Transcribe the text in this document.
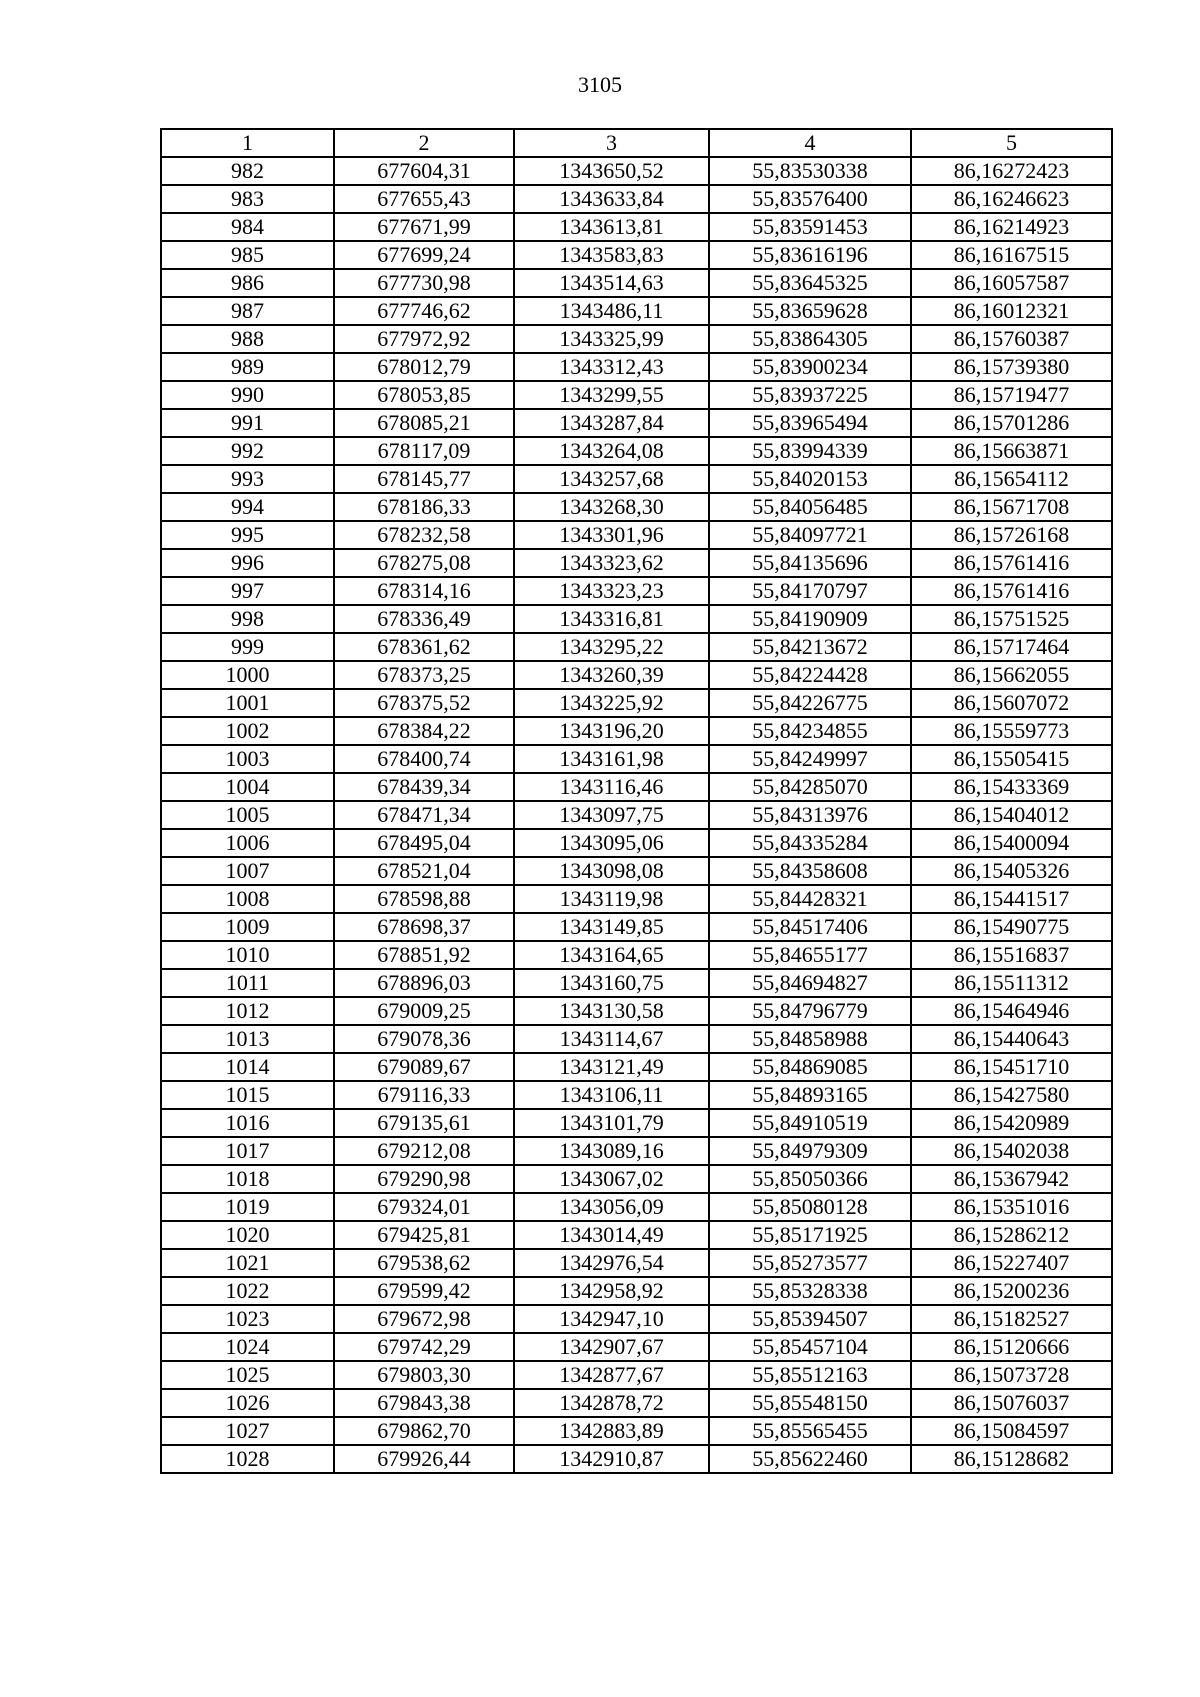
3105
1	2	3	4	5
982	677604,31	1343650,52	55,83530338	86,16272423
983	677655,43	1343633,84	55,83576400	86,16246623
984	677671,99	1343613,81	55,83591453	86,16214923
985	677699,24	1343583,83	55,83616196	86,16167515
986	677730,98	1343514,63	55,83645325	86,16057587
987	677746,62	1343486,11	55,83659628	86,16012321
988	677972,92	1343325,99	55,83864305	86,15760387
989	678012,79	1343312,43	55,83900234	86,15739380
990	678053,85	1343299,55	55,83937225	86,15719477
991	678085,21	1343287,84	55,83965494	86,15701286
992	678117,09	1343264,08	55,83994339	86,15663871
993	678145,77	1343257,68	55,84020153	86,15654112
994	678186,33	1343268,30	55,84056485	86,15671708
995	678232,58	1343301,96	55,84097721	86,15726168
996	678275,08	1343323,62	55,84135696	86,15761416
997	678314,16	1343323,23	55,84170797	86,15761416
998	678336,49	1343316,81	55,84190909	86,15751525
999	678361,62	1343295,22	55,84213672	86,15717464
1000	678373,25	1343260,39	55,84224428	86,15662055
1001	678375,52	1343225,92	55,84226775	86,15607072
1002	678384,22	1343196,20	55,84234855	86,15559773
1003	678400,74	1343161,98	55,84249997	86,15505415
1004	678439,34	1343116,46	55,84285070	86,15433369
1005	678471,34	1343097,75	55,84313976	86,15404012
1006	678495,04	1343095,06	55,84335284	86,15400094
1007	678521,04	1343098,08	55,84358608	86,15405326
1008	678598,88	1343119,98	55,84428321	86,15441517
1009	678698,37	1343149,85	55,84517406	86,15490775
1010	678851,92	1343164,65	55,84655177	86,15516837
1011	678896,03	1343160,75	55,84694827	86,15511312
1012	679009,25	1343130,58	55,84796779	86,15464946
1013	679078,36	1343114,67	55,84858988	86,15440643
1014	679089,67	1343121,49	55,84869085	86,15451710
1015	679116,33	1343106,11	55,84893165	86,15427580
1016	679135,61	1343101,79	55,84910519	86,15420989
1017	679212,08	1343089,16	55,84979309	86,15402038
1018	679290,98	1343067,02	55,85050366	86,15367942
1019	679324,01	1343056,09	55,85080128	86,15351016
1020	679425,81	1343014,49	55,85171925	86,15286212
1021	679538,62	1342976,54	55,85273577	86,15227407
1022	679599,42	1342958,92	55,85328338	86,15200236
1023	679672,98	1342947,10	55,85394507	86,15182527
1024	679742,29	1342907,67	55,85457104	86,15120666
1025	679803,30	1342877,67	55,85512163	86,15073728
1026	679843,38	1342878,72	55,85548150	86,15076037
1027	679862,70	1342883,89	55,85565455	86,15084597
1028	679926,44	1342910,87	55,85622460	86,15128682
